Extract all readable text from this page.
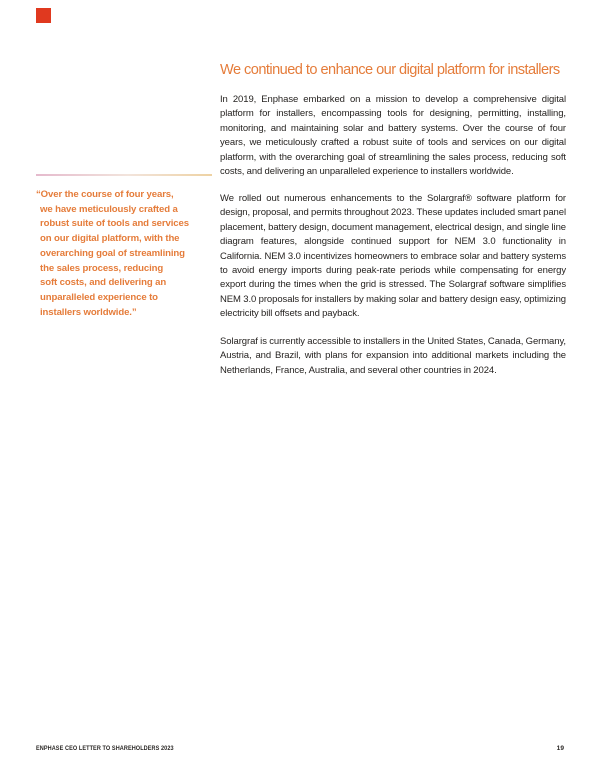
“Over the course of four years,
we have meticulously crafted a
robust suite of tools and services
on our digital platform, with the
overarching goal of streamlining
the sales process, reducing
soft costs, and delivering an
unparalleled experience to
installers worldwide.”
We continued to enhance our digital platform for installers

In 2019, Enphase embarked on a mission to develop a comprehensive digital platform for installers, encompassing tools for designing, permitting, installing, monitoring, and maintaining solar and battery systems. Over the course of four years, we meticulously crafted a robust suite of tools and services on our digital platform, with the overarching goal of streamlining the sales process, reducing soft costs, and delivering an unparalleled experience to installers worldwide.

We rolled out numerous enhancements to the Solargraf® software platform for design, proposal, and permits throughout 2023. These updates included smart panel placement, battery design, document management, electrical design, and single line diagram features, alongside continued support for NEM 3.0 functionality in California. NEM 3.0 incentivizes homeowners to embrace solar and battery systems to avoid energy imports during peak-rate periods while compensating for energy export during the times when the grid is stressed. The Solargraf software simplifies NEM 3.0 proposals for installers by making solar and battery design easy, optimizing electricity bill offsets and payback.

Solargraf is currently accessible to installers in the United States, Canada, Germany, Austria, and Brazil, with plans for expansion into additional markets including the Netherlands, France, Australia, and several other countries in 2024.

ENPHASE CEO LETTER TO SHAREHOLDERS 2023	19
